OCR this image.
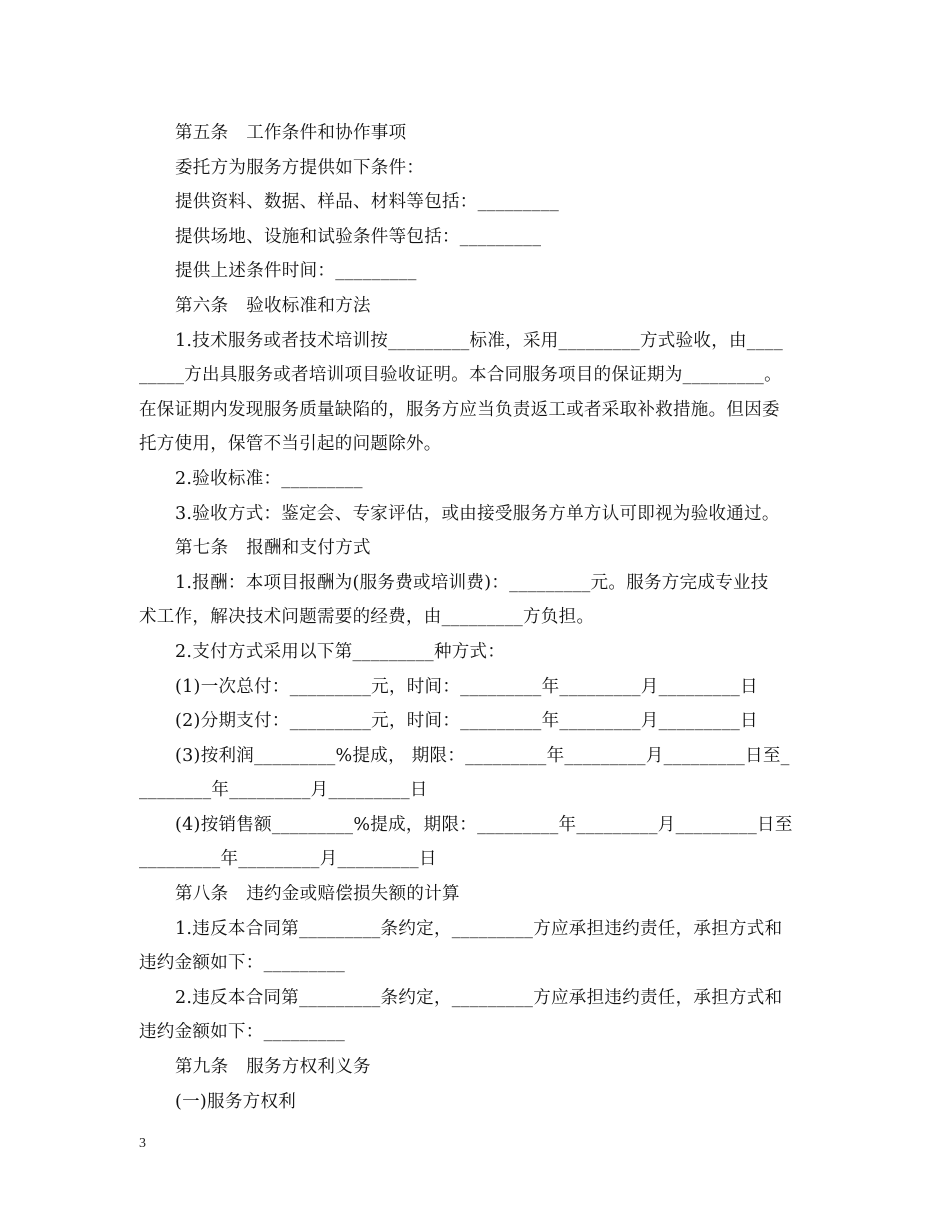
第五条　工作条件和协作事项
委托方为服务方提供如下条件：
提供资料、数据、样品、材料等包括：_________
提供场地、设施和试验条件等包括：_________
提供上述条件时间：_________
第六条　验收标准和方法
1.技术服务或者技术培训按_________标准，采用_________方式验收，由____
_____方出具服务或者培训项目验收证明。本合同服务项目的保证期为_________。
在保证期内发现服务质量缺陷的，服务方应当负责返工或者采取补救措施。但因委
托方使用，保管不当引起的问题除外。
2.验收标准：_________
3.验收方式：鉴定会、专家评估，或由接受服务方单方认可即视为验收通过。
第七条　报酬和支付方式
1.报酬：本项目报酬为(服务费或培训费)：_________元。服务方完成专业技
术工作，解决技术问题需要的经费，由_________方负担。
2.支付方式采用以下第_________种方式：
(1)一次总付：_________元，时间：_________年_________月_________日
(2)分期支付：_________元，时间：_________年_________月_________日
(3)按利润_________%提成， 期限：_________年_________月_________日至_
________年_________月_________日
(4)按销售额_________%提成，期限：_________年_________月_________日至
_________年_________月_________日
第八条　违约金或赔偿损失额的计算
1.违反本合同第_________条约定，_________方应承担违约责任，承担方式和
违约金额如下：_________
2.违反本合同第_________条约定，_________方应承担违约责任，承担方式和
违约金额如下：_________
第九条　服务方权利义务
(一)服务方权利
3
